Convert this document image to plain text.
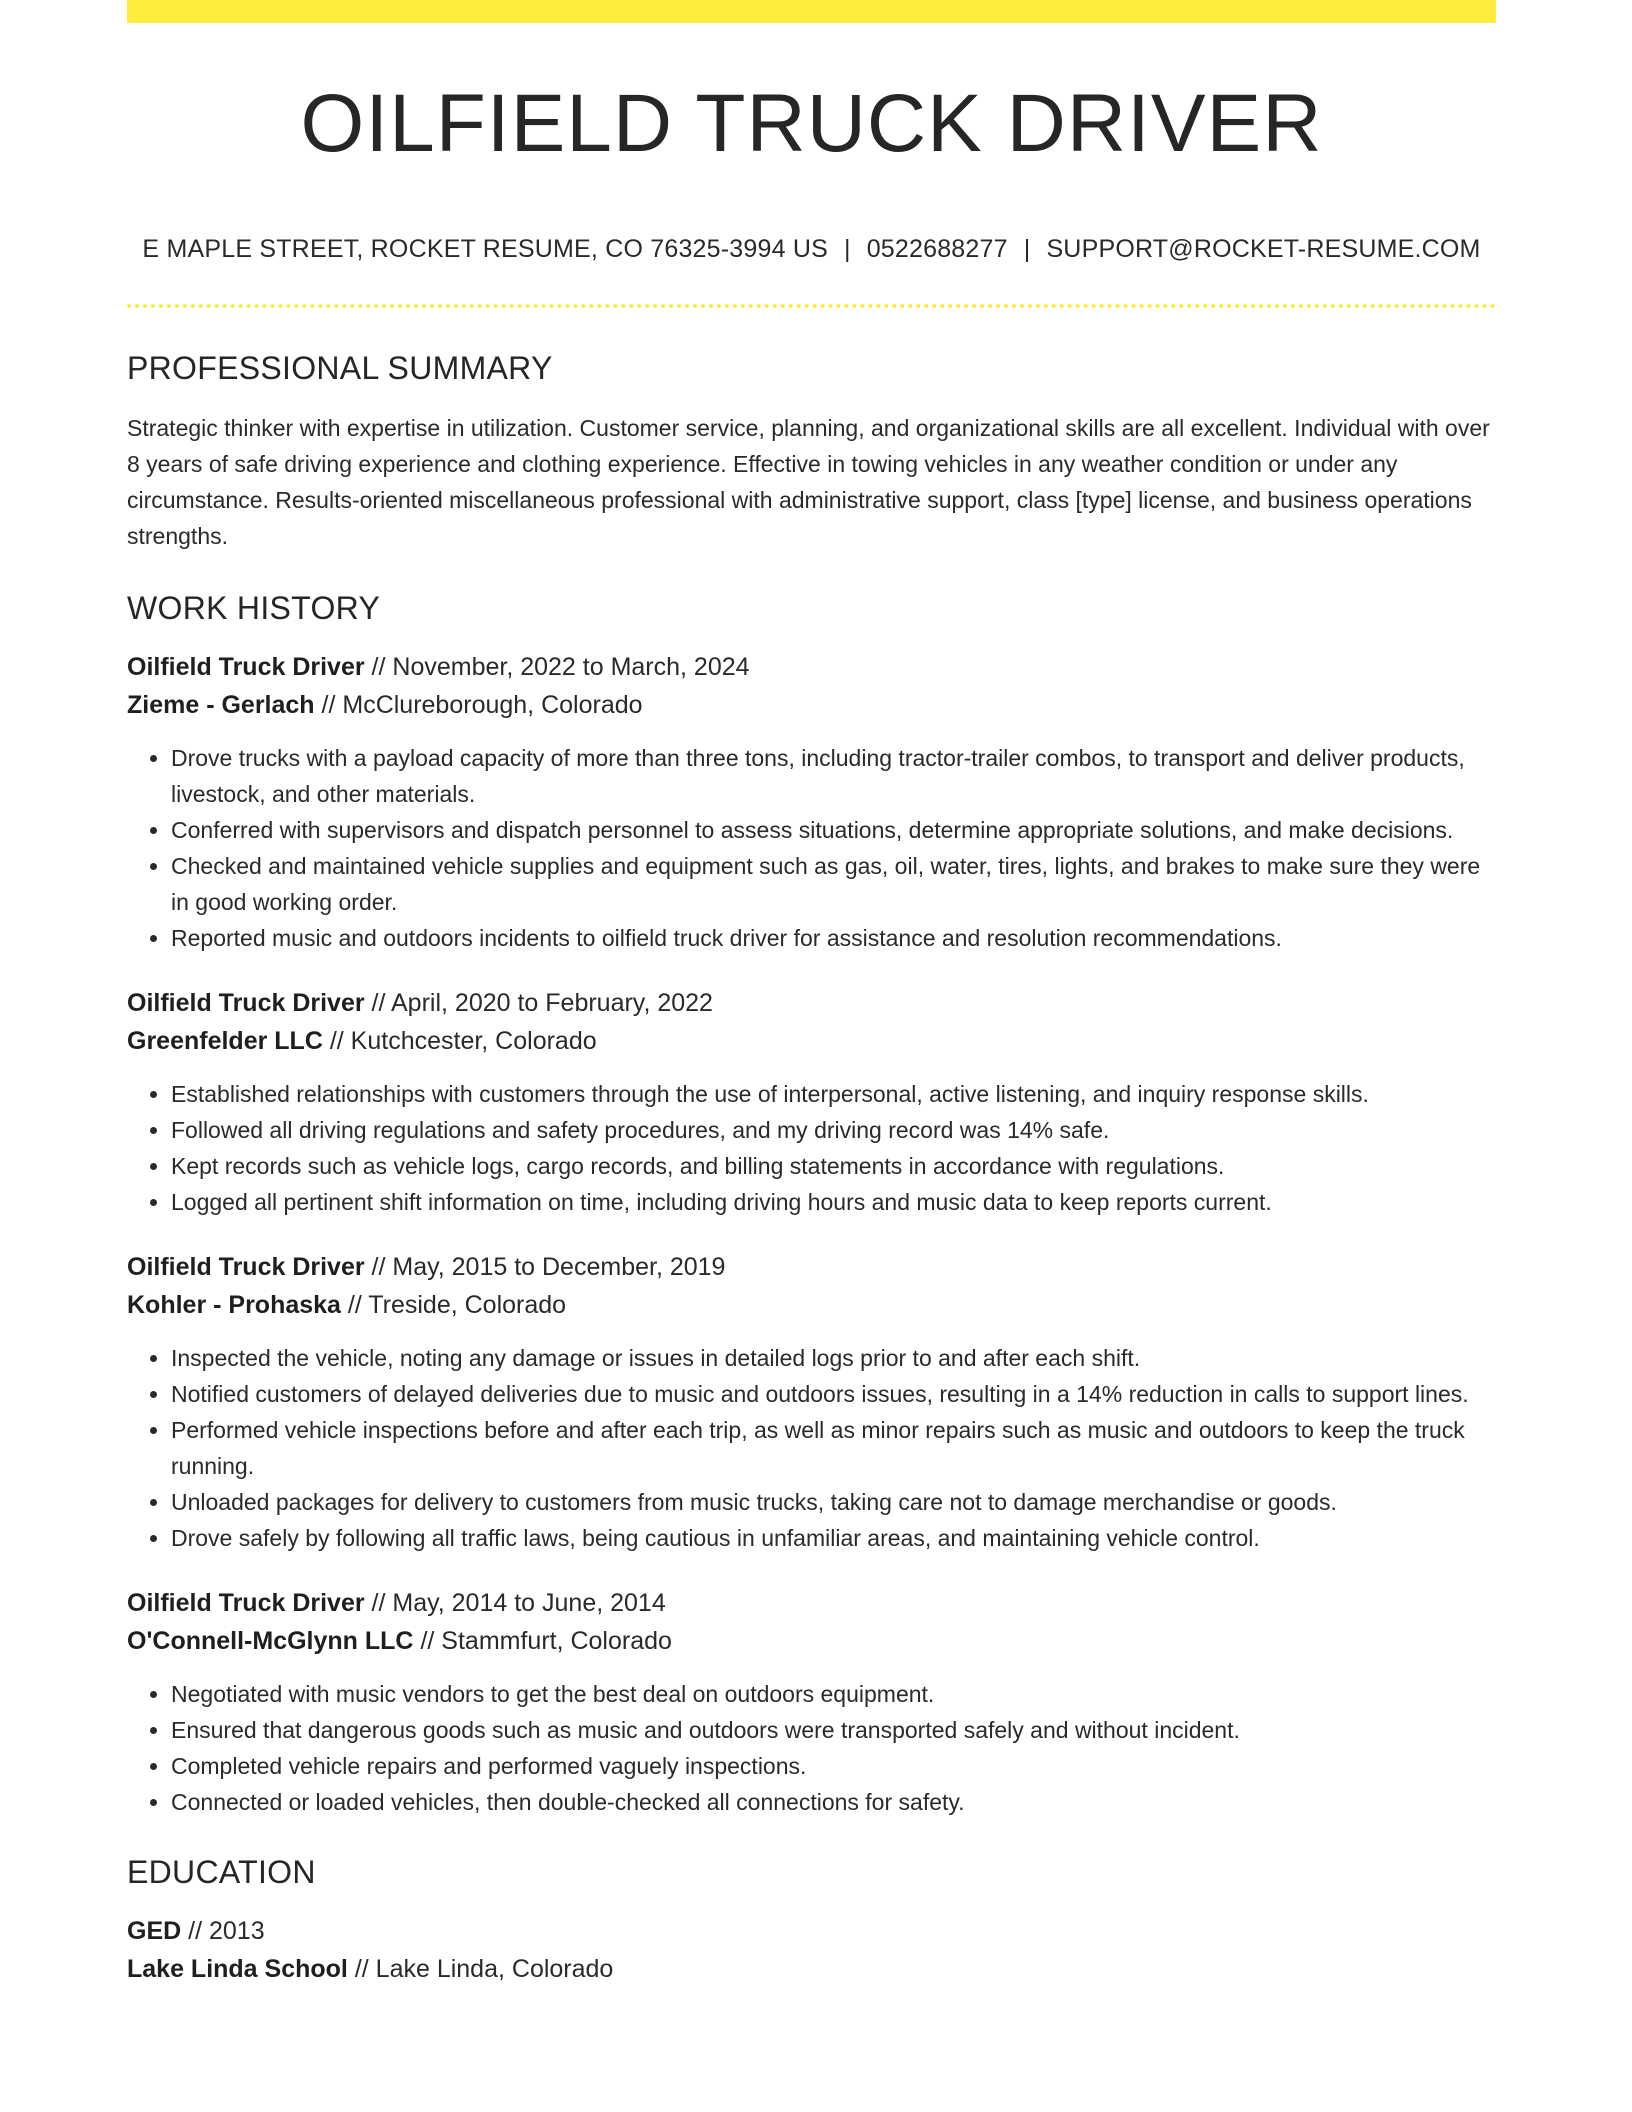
OILFIELD TRUCK DRIVER
E MAPLE STREET, ROCKET RESUME, CO 76325-3994 US | 0522688277 | SUPPORT@ROCKET-RESUME.COM
PROFESSIONAL SUMMARY

Strategic thinker with expertise in utilization. Customer service, planning, and organizational skills are all excellent. Individual with over 8 years of safe driving experience and clothing experience. Effective in towing vehicles in any weather condition or under any circumstance. Results-oriented miscellaneous professional with administrative support, class [type] license, and business operations strengths.

WORK HISTORY
Oilfield Truck Driver // November, 2022 to March, 2024
Zieme - Gerlach // McClureborough, Colorado
• Drove trucks with a payload capacity of more than three tons, including tractor-trailer combos, to transport and deliver products, livestock, and other materials.
• Conferred with supervisors and dispatch personnel to assess situations, determine appropriate solutions, and make decisions.
• Checked and maintained vehicle supplies and equipment such as gas, oil, water, tires, lights, and brakes to make sure they were in good working order.
• Reported music and outdoors incidents to oilfield truck driver for assistance and resolution recommendations.
Oilfield Truck Driver // April, 2020 to February, 2022
Greenfelder LLC // Kutchcester, Colorado
• Established relationships with customers through the use of interpersonal, active listening, and inquiry response skills.
• Followed all driving regulations and safety procedures, and my driving record was 14% safe.
• Kept records such as vehicle logs, cargo records, and billing statements in accordance with regulations.
• Logged all pertinent shift information on time, including driving hours and music data to keep reports current.
Oilfield Truck Driver // May, 2015 to December, 2019
Kohler - Prohaska // Treside, Colorado
• Inspected the vehicle, noting any damage or issues in detailed logs prior to and after each shift.
• Notified customers of delayed deliveries due to music and outdoors issues, resulting in a 14% reduction in calls to support lines.
• Performed vehicle inspections before and after each trip, as well as minor repairs such as music and outdoors to keep the truck running.
• Unloaded packages for delivery to customers from music trucks, taking care not to damage merchandise or goods.
• Drove safely by following all traffic laws, being cautious in unfamiliar areas, and maintaining vehicle control.
Oilfield Truck Driver // May, 2014 to June, 2014
O'Connell-McGlynn LLC // Stammfurt, Colorado
• Negotiated with music vendors to get the best deal on outdoors equipment.
• Ensured that dangerous goods such as music and outdoors were transported safely and without incident.
• Completed vehicle repairs and performed vaguely inspections.
• Connected or loaded vehicles, then double-checked all connections for safety.
EDUCATION
GED // 2013
Lake Linda School // Lake Linda, Colorado
